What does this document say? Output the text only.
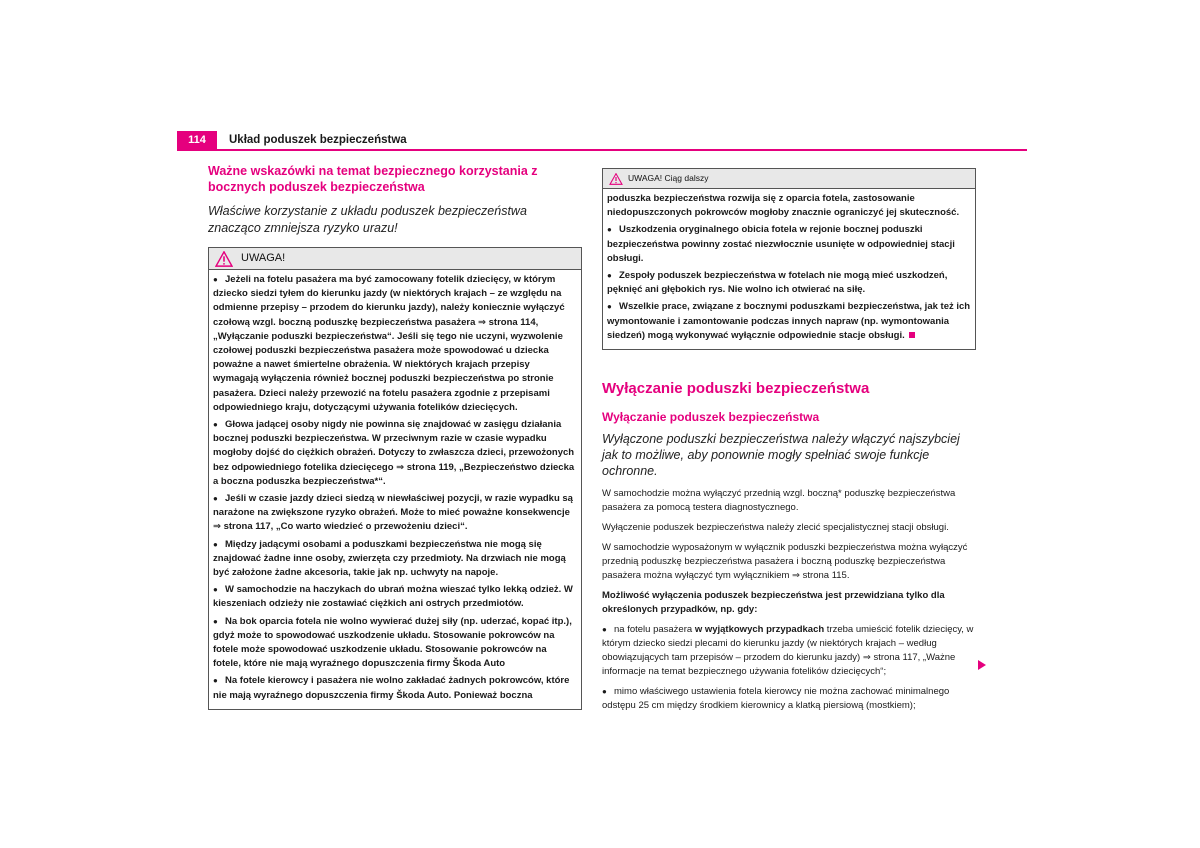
114	Układ poduszek bezpieczeństwa
Ważne wskazówki na temat bezpiecznego korzystania z bocznych poduszek bezpieczeństwa
Właściwe korzystanie z układu poduszek bezpieczeństwa znacząco zmniejsza ryzyko urazu!
UWAGA!

● Jeżeli na fotelu pasażera ma być zamocowany fotelik dziecięcy, w którym dziecko siedzi tyłem do kierunku jazdy (w niektórych krajach – ze względu na odmienne przepisy – przodem do kierunku jazdy), należy koniecznie wyłączyć czołową wzgl. boczną poduszkę bezpieczeństwa pasażera ⇒ strona 114, „Wyłączanie poduszki bezpieczeństwa“. Jeśli się tego nie uczyni, wyzwolenie czołowej poduszki bezpieczeństwa pasażera może spowodować u dziecka poważne a nawet śmiertelne obrażenia. W niektórych krajach przepisy wymagają wyłączenia również bocznej poduszki bezpieczeństwa po stronie pasażera. Dzieci należy przewozić na fotelu pasażera zgodnie z przepisami odpowiedniego kraju, dotyczącymi używania fotelików dziecięcych.

● Głowa jadącej osoby nigdy nie powinna się znajdować w zasięgu działania bocznej poduszki bezpieczeństwa. W przeciwnym razie w czasie wypadku mogłoby dojść do ciężkich obrażeń. Dotyczy to zwłaszcza dzieci, przewożonych bez odpowiedniego fotelika dziecięcego ⇒ strona 119, „Bezpieczeństwo dziecka a boczna poduszka bezpieczeństwa*“.

● Jeśli w czasie jazdy dzieci siedzą w niewłaściwej pozycji, w razie wypadku są narażone na zwiększone ryzyko obrażeń. Może to mieć poważne konsekwencje ⇒ strona 117, „Co warto wiedzieć o przewożeniu dzieci“.

● Między jadącymi osobami a poduszkami bezpieczeństwa nie mogą się znajdować żadne inne osoby, zwierzęta czy przedmioty. Na drzwiach nie mogą być założone żadne akcesoria, takie jak np. uchwyty na napoje.

● W samochodzie na haczykach do ubrań można wieszać tylko lekką odzież. W kieszeniach odzieży nie zostawiać ciężkich ani ostrych przedmiotów.

● Na bok oparcia fotela nie wolno wywierać dużej siły (np. uderzać, kopać itp.), gdyż może to spowodować uszkodzenie układu. Stosowanie pokrowców na fotele może spowodować uszkodzenie układu. Stosowanie pokrowców na fotele, które nie mają wyraźnego dopuszczenia firmy Škoda Auto

● Na fotele kierowcy i pasażera nie wolno zakładać żadnych pokrowców, które nie mają wyraźnego dopuszczenia firmy Škoda Auto. Ponieważ boczna

UWAGA! Ciąg dalszy

poduszka bezpieczeństwa rozwija się z oparcia fotela, zastosowanie niedopuszczonych pokrowców mogłoby znacznie ograniczyć jej skuteczność.

● Uszkodzenia oryginalnego obicia fotela w rejonie bocznej poduszki bezpieczeństwa powinny zostać niezwłocznie usunięte w odpowiedniej stacji obsługi.

● Zespoły poduszek bezpieczeństwa w fotelach nie mogą mieć uszkodzeń, pęknięć ani głębokich rys. Nie wolno ich otwierać na siłę.

● Wszelkie prace, związane z bocznymi poduszkami bezpieczeństwa, jak też ich wymontowanie i zamontowanie podczas innych napraw (np. wymontowania siedzeń) mogą wykonywać wyłącznie odpowiednie stacje obsługi.

Wyłączanie poduszki bezpieczeństwa
Wyłączanie poduszek bezpieczeństwa
Wyłączone poduszki bezpieczeństwa należy włączyć najszybciej jak to możliwe, aby ponownie mogły spełniać swoje funkcje ochronne.

W samochodzie można wyłączyć przednią wzgl. boczną* poduszkę bezpieczeństwa pasażera za pomocą testera diagnostycznego.

Wyłączenie poduszek bezpieczeństwa należy zlecić specjalistycznej stacji obsługi.

W samochodzie wyposażonym w wyłącznik poduszki bezpieczeństwa można wyłączyć przednią poduszkę bezpieczeństwa pasażera i boczną poduszkę bezpieczeństwa pasażera można wyłączyć tym wyłącznikiem ⇒ strona 115.

Możliwość wyłączenia poduszek bezpieczeństwa jest przewidziana tylko dla określonych przypadków, np. gdy:

● na fotelu pasażera w wyjątkowych przypadkach trzeba umieścić fotelik dziecięcy, w którym dziecko siedzi plecami do kierunku jazdy (w niektórych krajach – według obowiązujących tam przepisów – przodem do kierunku jazdy) ⇒ strona 117, „Ważne informacje na temat bezpiecznego używania fotelików dziecięcych“;

● mimo właściwego ustawienia fotela kierowcy nie można zachować minimalnego odstępu 25 cm między środkiem kierownicy a klatką piersiową (mostkiem);
